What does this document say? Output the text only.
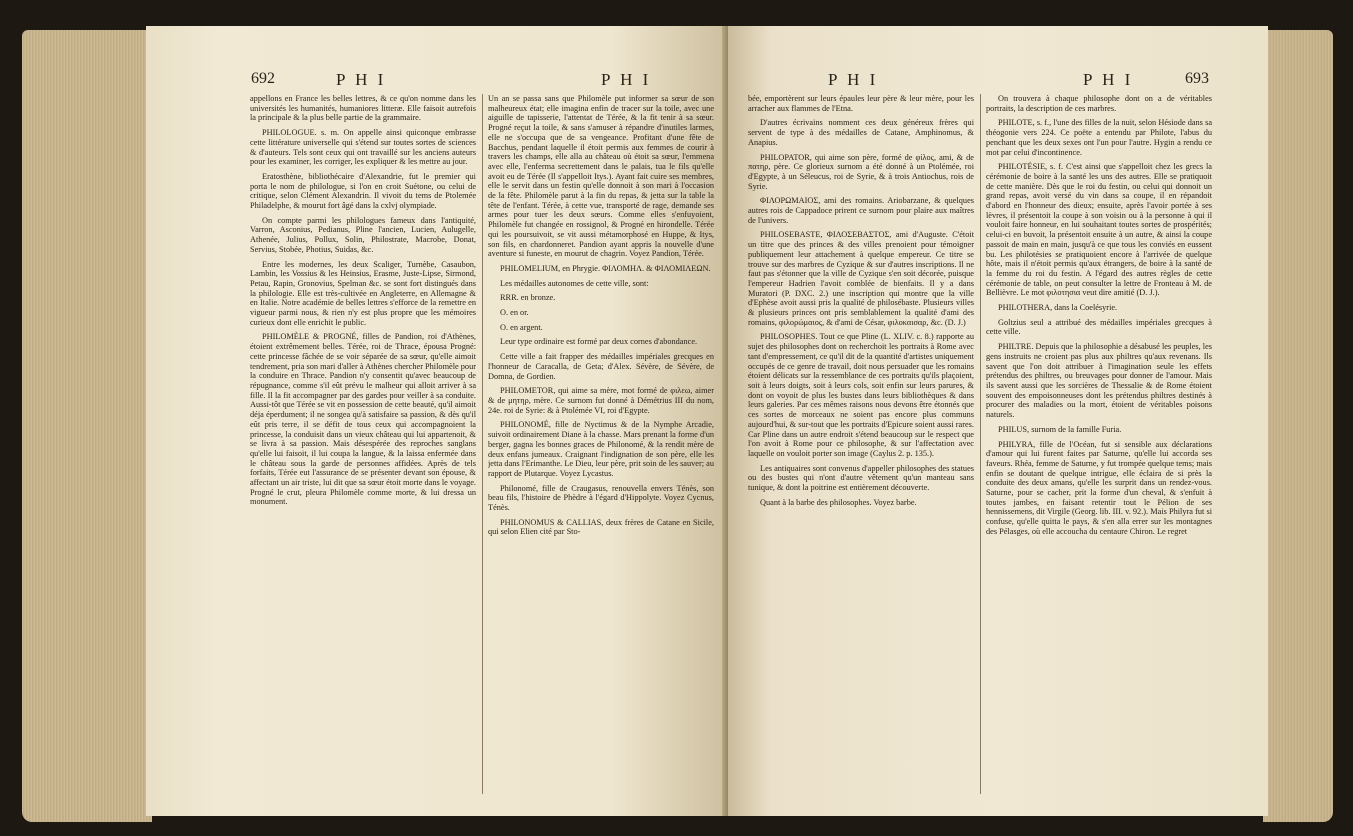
692	P H I	P H I

appellons en France les belles lettres, & ce qu'on nomme dans les universités les humanités, humaniores litteræ. Elle faisoit autrefois la principale & la plus belle partie de la grammaire.

PHILOLOGUE. s. m. On appelle ainsi quiconque embrasse cette littérature universelle qui s'étend sur toutes sortes de sciences & d'auteurs. Tels sont ceux qui ont travaillé sur les anciens auteurs pour les examiner, les corriger, les expliquer & les mettre au jour.

Eratosthène, bibliothécaire d'Alexandrie, fut le premier qui porta le nom de philologue, si l'on en croit Suétone, ou celui de critique, selon Clément Alexandrin. Il vivoit du tems de Ptolemée Philadelphe, & mourut fort âgé dans la cxlvj olympiade.

On compte parmi les philologues fameux dans l'antiquité, Varron, Asconius, Pedianus, Pline l'ancien, Lucien, Aulugelle, Athenée, Julius, Pollux, Solin, Philostrate, Macrobe, Donat, Servius, Stobée, Photius, Suidas, &c.

Entre les modernes, les deux Scaliger, Turnèbe, Casaubon, Lambin, les Vossius & les Heinsius, Erasme, Juste-Lipse, Sirmond, Petau, Rapin, Gronovius, Spelman &c. se sont fort distingués dans la philologie. Elle est très-cultivée en Angleterre, en Allemagne & en Italie. Notre académie de belles lettres s'efforce de la remettre en vigueur parmi nous, & rien n'y est plus propre que les mémoires curieux dont elle enrichit le public.

PHILOMÈLE & PROGNÉ, filles de Pandion, roi d'Athènes, étoient extrêmement belles. Térée, roi de Thrace, épousa Progné: cette princesse fâchée de se voir séparée de sa sœur, qu'elle aimoit tendrement, pria son mari d'aller à Athènes chercher Philomèle pour la conduire en Thrace. Pandion n'y consentit qu'avec beaucoup de répugnance, comme s'il eût prévu le malheur qui alloit arriver à sa fille. Il la fit accompagner par des gardes pour veiller à sa conduite. Aussi-tôt que Térée se vit en possession de cette beauté, qu'il aimoit déja éperdument; il ne songea qu'à satisfaire sa passion, & dès qu'il eût pris terre, il se défit de tous ceux qui accompagnoient la princesse, la conduisit dans un vieux château qui lui appartenoit, & se livra à sa passion. Mais désespérée des reproches sanglans qu'elle lui faisoit, il lui coupa la langue, & la laissa enfermée dans le château sous la garde de personnes affidées. Après de tels forfaits, Térée eut l'assurance de se présenter devant son épouse, & affectant un air triste, lui dit que sa sœur étoit morte dans le voyage. Progné le crut, pleura Philomèle comme morte, & lui dressa un monument.

Un an se passa sans que Philomèle put informer sa sœur de son malheureux état; elle imagina enfin de tracer sur la toile, avec une aiguille de tapisserie, l'attentat de Térée, & la fit tenir à sa sœur. Progné reçut la toile, & sans s'amuser à répandre d'inutiles larmes, elle ne s'occupa que de sa vengeance. Profitant d'une fête de Bacchus, pendant laquelle il étoit permis aux femmes de courir à travers les champs, elle alla au château où étoit sa sœur, l'emmena avec elle, l'enferma secrettement dans le palais, tua le fils qu'elle avoit eu de Térée (Il s'appelloit Itys.). Ayant fait cuire ses membres, elle le servit dans un festin qu'elle donnoit à son mari à l'occasion de la fête. Philomèle parut à la fin du repas, & jetta sur la table la tête de l'enfant. Térée, à cette vue, transporté de rage, demande ses armes pour tuer les deux sœurs. Comme elles s'enfuyoient, Philomèle fut changée en rossignol, & Progné en hirondelle. Térée qui les poursuivoit, se vit aussi métamorphosé en Huppe, & Itys, son fils, en chardonneret. Pandion ayant appris la nouvelle d'une aventure si funeste, en mourut de chagrin. Voyez Pandion, Térée.

PHILOMELIUM, en Phrygie. ΦΙΛΟΜΗΛ. & ΦΙΛΟΜΙΛΕΩΝ.

Les médailles autonomes de cette ville, sont:

RRR. en bronze.

O. en or.

O. en argent.

Leur type ordinaire est formé par deux cornes d'abondance.

Cette ville a fait frapper des médailles impériales grecques en l'honneur de Caracalla, de Geta; d'Alex. Sévère, de Sévère, de Domna, de Gordien.

PHILOMETOR, qui aime sa mère, mot formé de φιλεω, aimer & de μητηρ, mère. Ce surnom fut donné à Démétrius III du nom, 24e. roi de Syrie: & à Ptolémée VI, roi d'Egypte.

PHILONOMÉ, fille de Nyctimus & de la Nymphe Arcadie, suivoit ordinairement Diane à la chasse. Mars prenant la forme d'un berger, gagna les bonnes graces de Philonomé, & la rendit mère de deux enfans jumeaux. Craignant l'indignation de son père, elle les jetta dans l'Erimanthe. Le Dieu, leur père, prit soin de les sauver; au rapport de Plutarque. Voyez Lycastus.

Philonomé, fille de Craugasus, renouvella envers Ténès, son beau fils, l'histoire de Phèdre à l'égard d'Hippolyte. Voyez Cycnus, Ténès.

PHILONOMUS & CALLIAS, deux frères de Catane en Sicile, qui selon Elien cité par Sto-

P H I	P H I	693

bée, emportèrent sur leurs épaules leur père & leur mère, pour les arracher aux flammes de l'Etna.

D'autres écrivains nomment ces deux généreux frères qui servent de type à des médailles de Catane, Amphinomus, & Anapius.

PHILOPATOR, qui aime son père, formé de φίλος, ami, & de πατηρ, père. Ce glorieux surnom a été donné à un Ptolémée, roi d'Egypte, à un Séleucus, roi de Syrie, & à trois Antiochus, rois de Syrie.

ΦΙΛΟΡΩΜΑΙΟΣ, ami des romains. Ariobarzane, & quelques autres rois de Cappadoce prirent ce surnom pour plaire aux maîtres de l'univers.

PHILOSEBASTE, ΦΙΛΟΣΕΒΑΣΤΟΣ, ami d'Auguste. C'étoit un titre que des princes & des villes prenoient pour témoigner publiquement leur attachement à quelque empereur. Ce titre se trouve sur des marbres de Cyzique & sur d'autres inscriptions. Il ne faut pas s'étonner que la ville de Cyzique s'en soit décorée, puisque l'empereur Hadrien l'avoit comblée de bienfaits. Il y a dans Muratori (P. DXC. 2.) une inscription qui montre que la ville d'Ephèse avoit aussi pris la qualité de philosébaste. Plusieurs villes & plusieurs princes ont pris semblablement la qualité d'ami des romains, φιλορώμαιος, & d'ami de César, φιλοκαισαρ, &c. (D. J.)

PHILOSOPHES. Tout ce que Pline (L. XLIV. c. 8.) rapporte au sujet des philosophes dont on recherchoit les portraits à Rome avec tant d'empressement, ce qu'il dit de la quantité d'artistes uniquement occupés de ce genre de travail, doit nous persuader que les romains étoient délicats sur la ressemblance de ces portraits qu'ils plaçoient, soit à leurs doigts, soit à leurs cols, soit enfin sur leurs parures, & dont on voyoit de plus les bustes dans leurs bibliothèques & dans leurs galeries. Par ces mêmes raisons nous devons être étonnés que ces sortes de morceaux ne soient pas encore plus communs aujourd'hui, & sur-tout que les portraits d'Epicure soient aussi rares. Car Pline dans un autre endroit s'étend beaucoup sur le respect que l'on avoit à Rome pour ce philosophe, & sur l'affectation avec laquelle on vouloit porter son image (Caylus 2. p. 135.).

Les antiquaires sont convenus d'appeller philosophes des statues ou des bustes qui n'ont d'autre vêtement qu'un manteau sans tunique, & dont la poitrine est entièrement découverte.

Quant à la barbe des philosophes. Voyez barbe.

On trouvera à chaque philosophe dont on a de véritables portraits, la description de ces marbres.

PHILOTE, s. f., l'une des filles de la nuit, selon Hésiode dans sa théogonie vers 224. Ce poëte a entendu par Philote, l'abus du penchant que les deux sexes ont l'un pour l'autre. Hygin a rendu ce mot par celui d'incontinence.

PHILOTÉSIE, s. f. C'est ainsi que s'appelloit chez les grecs la cérémonie de boire à la santé les uns des autres. Elle se pratiquoit de cette manière. Dès que le roi du festin, ou celui qui donnoit un grand repas, avoit versé du vin dans sa coupe, il en répandoit d'abord en l'honneur des dieux; ensuite, après l'avoir portée à ses lèvres, il présentoit la coupe à son voisin ou à la personne à qui il vouloit faire honneur, en lui souhaitant toutes sortes de prospérités; celui-ci en buvoit, la présentoit ensuite à un autre, & ainsi la coupe passoit de main en main, jusqu'à ce que tous les conviés en eussent bu. Les philotésies se pratiquoient encore à l'arrivée de quelque hôte, mais il n'étoit permis qu'aux étrangers, de boire à la santé de la femme du roi du festin. A l'égard des autres règles de cette cérémonie de table, on peut consulter la lettre de Fronteau à M. de Bellièvre. Le mot φιλοτησια veut dire amitié (D. J.).

PHILOTHERA, dans la Coelésyrie.

Goltzius seul a attribué des médailles impériales grecques à cette ville.

PHILTRE. Depuis que la philosophie a désabusé les peuples, les gens instruits ne croient pas plus aux philtres qu'aux revenans. Ils savent que l'on doit attribuer à l'imagination seule les effets prétendus des philtres, ou breuvages pour donner de l'amour. Mais ils savent aussi que les sorcières de Thessalie & de Rome étoient souvent des empoisonneuses dont les prétendus philtres destinés à procurer des maladies ou la mort, étoient de véritables poisons naturels.

PHILUS, surnom de la famille Furia.

PHILYRA, fille de l'Océan, fut si sensible aux déclarations d'amour qui lui furent faites par Saturne, qu'elle lui accorda ses faveurs. Rhéa, femme de Saturne, y fut trompée quelque tems; mais enfin se doutant de quelque intrigue, elle éclaira de si près la conduite des deux amans, qu'elle les surprit dans un rendez-vous. Saturne, pour se cacher, prit la forme d'un cheval, & s'enfuit à toutes jambes, en faisant retentir tout le Pélion de ses hennissemens, dit Virgile (Georg. lib. III. v. 92.). Mais Philyra fut si confuse, qu'elle quitta le pays, & s'en alla errer sur les montagnes des Pélasges, où elle accoucha du centaure Chiron. Le regret
